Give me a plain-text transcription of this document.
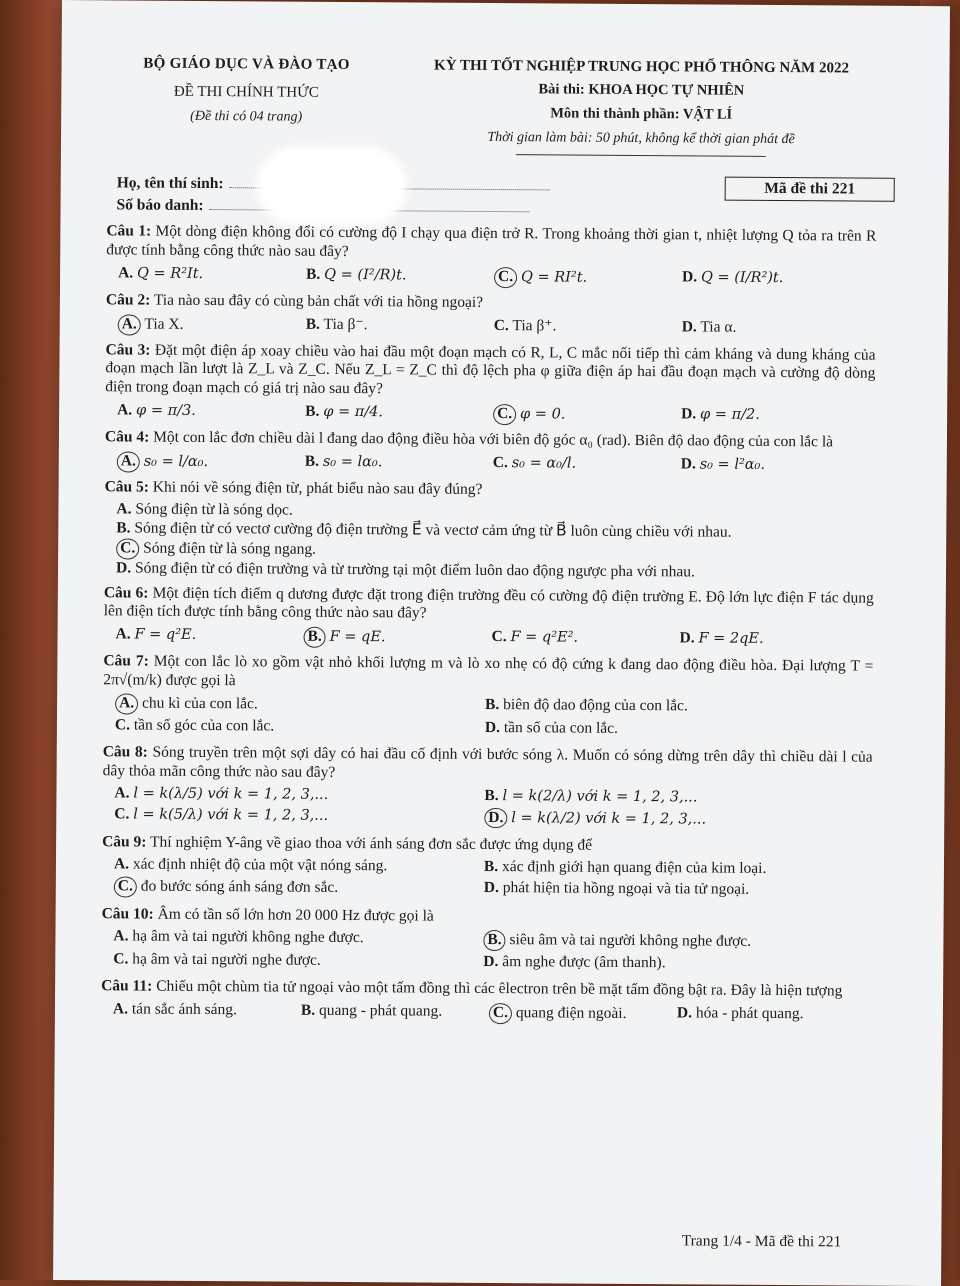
BỘ GIÁO DỤC VÀ ĐÀO TẠO
ĐỀ THI CHÍNH THỨC
(Đề thi có 04 trang)
KỲ THI TỐT NGHIỆP TRUNG HỌC PHỔ THÔNG NĂM 2022
Bài thi: KHOA HỌC TỰ NHIÊN
Môn thi thành phần: VẬT LÍ
Thời gian làm bài: 50 phút, không kể thời gian phát đề
Họ, tên thí sinh:
Số báo danh:
Mã đề thi 221
Câu 1: Một dòng điện không đổi có cường độ I chạy qua điện trở R. Trong khoảng thời gian t, nhiệt lượng Q tỏa ra trên R được tính bằng công thức nào sau đây?
A. Q = R²It.	B. Q = (I²/R)t.	C. Q = RI²t.	D. Q = (I/R²)t.
Câu 2: Tia nào sau đây có cùng bản chất với tia hồng ngoại?
A. Tia X.	B. Tia β⁻.	C. Tia β⁺.	D. Tia α.
Câu 3: Đặt một điện áp xoay chiều vào hai đầu một đoạn mạch có R, L, C mắc nối tiếp thì cảm kháng và dung kháng của đoạn mạch lần lượt là Z_L và Z_C. Nếu Z_L = Z_C thì độ lệch pha φ giữa điện áp hai đầu đoạn mạch và cường độ dòng điện trong đoạn mạch có giá trị nào sau đây?
A. φ = π/3.	B. φ = π/4.	C. φ = 0.	D. φ = π/2.
Câu 4: Một con lắc đơn chiều dài l đang dao động điều hòa với biên độ góc α₀ (rad). Biên độ dao động của con lắc là
A. s₀ = l/α₀.	B. s₀ = lα₀.	C. s₀ = α₀/l.	D. s₀ = l²α₀.
Câu 5: Khi nói về sóng điện từ, phát biểu nào sau đây đúng?
A. Sóng điện từ là sóng dọc.
B. Sóng điện từ có vectơ cường độ điện trường E⃗ và vectơ cảm ứng từ B⃗ luôn cùng chiều với nhau.
C. Sóng điện từ là sóng ngang.
D. Sóng điện từ có điện trường và từ trường tại một điểm luôn dao động ngược pha với nhau.
Câu 6: Một điện tích điểm q dương được đặt trong điện trường đều có cường độ điện trường E. Độ lớn lực điện F tác dụng lên điện tích được tính bằng công thức nào sau đây?
A. F = q²E.	B. F = qE.	C. F = q²E².	D. F = 2qE.
Câu 7: Một con lắc lò xo gồm vật nhỏ khối lượng m và lò xo nhẹ có độ cứng k đang dao động điều hòa. Đại lượng T = 2π√(m/k) được gọi là
A. chu kì của con lắc.	B. biên độ dao động của con lắc.
C. tần số góc của con lắc.	D. tần số của con lắc.
Câu 8: Sóng truyền trên một sợi dây có hai đầu cố định với bước sóng λ. Muốn có sóng dừng trên dây thì chiều dài l của dây thỏa mãn công thức nào sau đây?
A. l = k(λ/5) với k = 1, 2, 3,...	B. l = k(2/λ) với k = 1, 2, 3,...
C. l = k(5/λ) với k = 1, 2, 3,...	D. l = k(λ/2) với k = 1, 2, 3,...
Câu 9: Thí nghiệm Y-âng về giao thoa với ánh sáng đơn sắc được ứng dụng để
A. xác định nhiệt độ của một vật nóng sáng.	B. xác định giới hạn quang điện của kim loại.
C. đo bước sóng ánh sáng đơn sắc.	D. phát hiện tia hồng ngoại và tia tử ngoại.
Câu 10: Âm có tần số lớn hơn 20 000 Hz được gọi là
A. hạ âm và tai người không nghe được.	B. siêu âm và tai người không nghe được.
C. hạ âm và tai người nghe được.	D. âm nghe được (âm thanh).
Câu 11: Chiếu một chùm tia tử ngoại vào một tấm đồng thì các êlectron trên bề mặt tấm đồng bật ra. Đây là hiện tượng
A. tán sắc ánh sáng.	B. quang - phát quang.	C. quang điện ngoài.	D. hóa - phát quang.
Trang 1/4 - Mã đề thi 221
